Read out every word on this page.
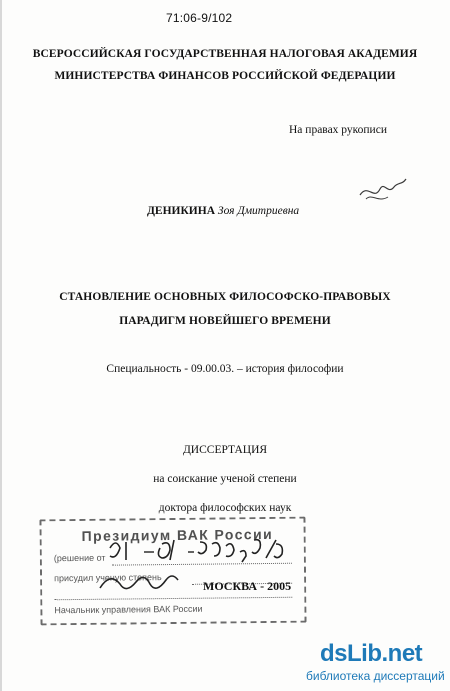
71:06-9/102
ВСЕРОССИЙСКАЯ ГОСУДАРСТВЕННАЯ НАЛОГОВАЯ АКАДЕМИЯ
МИНИСТЕРСТВА ФИНАНСОВ РОССИЙСКОЙ ФЕДЕРАЦИИ
На правах рукописи
ДЕНИКИНА Зоя Дмитриевна
СТАНОВЛЕНИЕ ОСНОВНЫХ ФИЛОСОФСКО-ПРАВОВЫХ
ПАРАДИГМ НОВЕЙШЕГО ВРЕМЕНИ
Специальность - 09.00.03. – история философии
ДИССЕРТАЦИЯ
на соискание ученой степени
доктора философских наук
Президиум ВАК России
(решение от
присудил ученую степень
Начальник управления ВАК России
МОСКВА - 2005
dsLib.net
библиотека диссертаций
